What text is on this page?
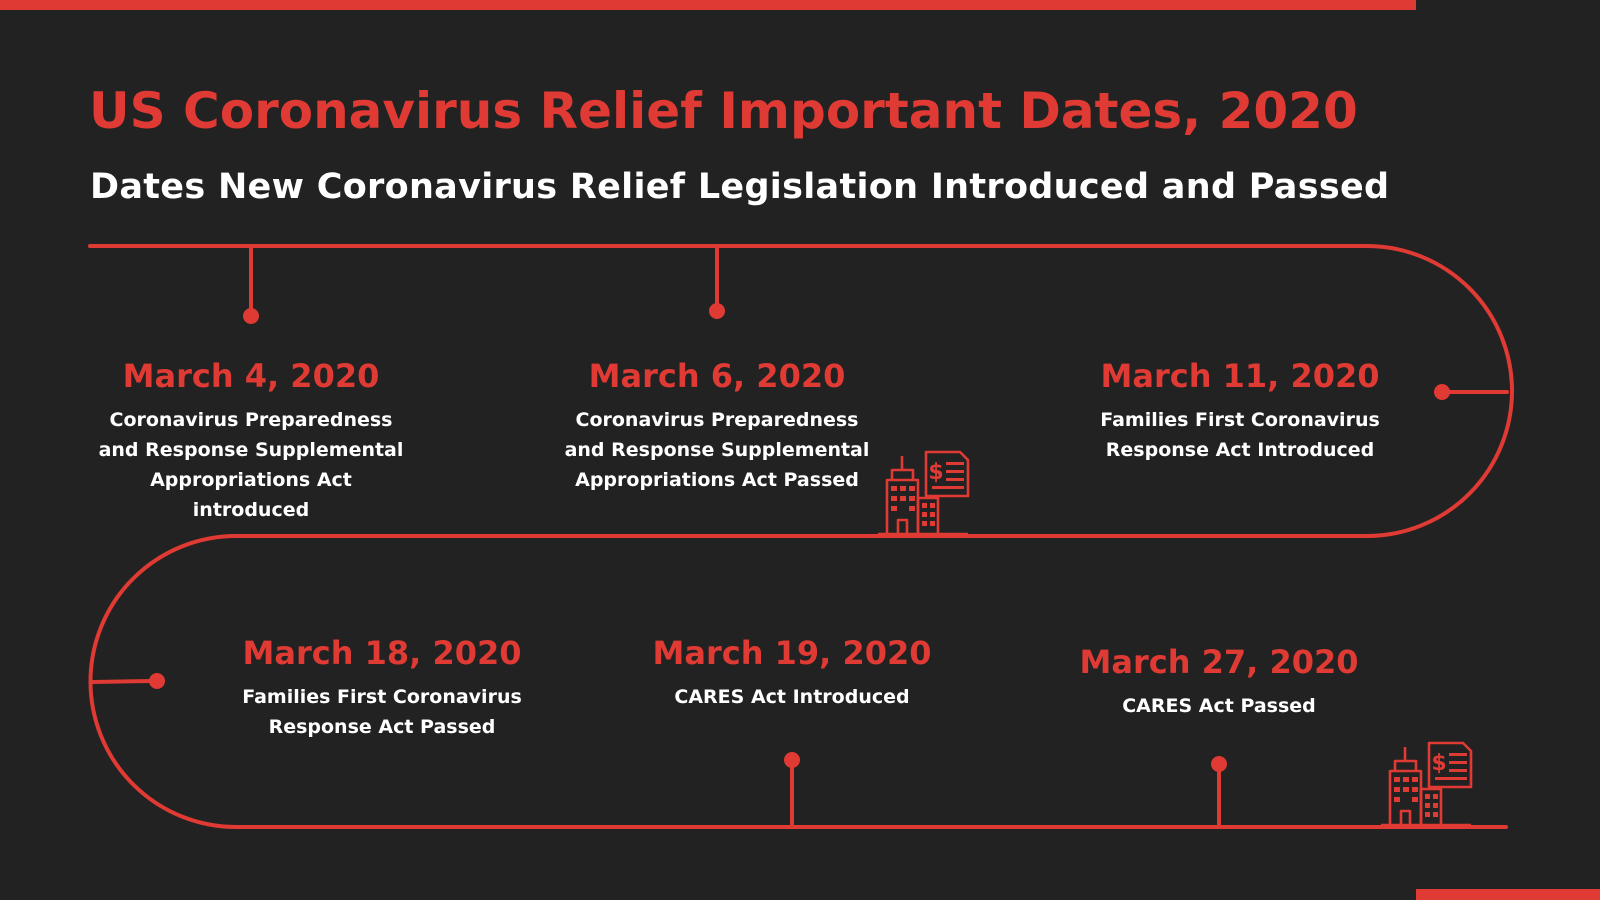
US Coronavirus Relief Important Dates, 2020
Dates New Coronavirus Relief Legislation Introduced and Passed
$
$
March 4, 2020
Coronavirus Preparedness and Response Supplemental Appropriations Act introduced
March 6, 2020
Coronavirus Preparedness and Response Supplemental Appropriations Act Passed
March 11, 2020
Families First Coronavirus Response Act Introduced
March 18, 2020
Families First Coronavirus Response Act Passed
March 19, 2020
CARES Act Introduced
March 27, 2020
CARES Act Passed
